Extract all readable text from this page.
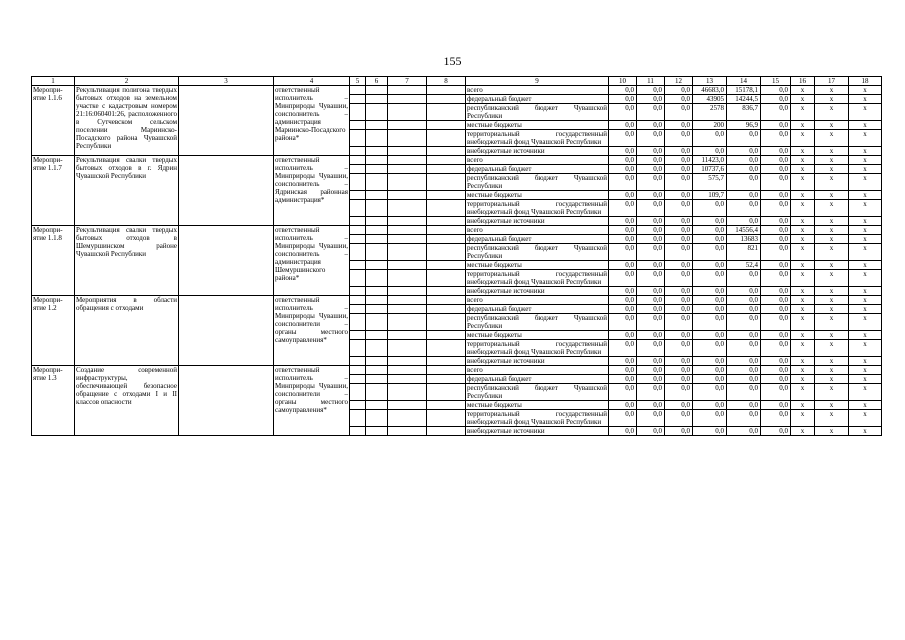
155
1	2	3	4	5	6	7	8	9	10	11	12	13	14	15	16	17	18
Меропри-ятие 1.1.6	Рекультивация полигона твердых бытовых отходов на земельном участке с кадастровым номером 21:16:060401:26, расположенного в Сутчевском сельском поселении Мариинско-Посадского района Чувашской Республики		ответственный исполнитель – Минприроды Чувашии, соисполнитель – администрация Мариинско-Посадского района*					всего	0,0	0,0	0,0	46683,0	15178,1	0,0	x	x	x
								федеральный бюджет	0,0	0,0	0,0	43905	14244,5	0,0	x	x	x
								республиканский бюджет Чувашской Республики	0,0	0,0	0,0	2578	836,7	0,0	x	x	x
								местные бюджеты	0,0	0,0	0,0	200	96,9	0,0	x	x	x
								территориальный государственный внебюджетный фонд Чувашской Республики	0,0	0,0	0,0	0,0	0,0	0,0	x	x	x
								внебюджетные источники	0,0	0,0	0,0	0,0	0,0	0,0	x	x	x
Меропри-ятие 1.1.7	Рекультивация свалки твердых бытовых отходов в г. Ядрин Чувашской Республики		ответственный исполнитель – Минприроды Чувашии, соисполнитель – Ядринская районная администрация*					всего	0,0	0,0	0,0	11423,0	0,0	0,0	x	x	x
								федеральный бюджет	0,0	0,0	0,0	10737,6	0,0	0,0	x	x	x
								республиканский бюджет Чувашской Республики	0,0	0,0	0,0	575,7	0,0	0,0	x	x	x
								местные бюджеты	0,0	0,0	0,0	109,7	0,0	0,0	x	x	x
								территориальный государственный внебюджетный фонд Чувашской Республики	0,0	0,0	0,0	0,0	0,0	0,0	x	x	x
								внебюджетные источники	0,0	0,0	0,0	0,0	0,0	0,0	x	x	x
Меропри-ятие 1.1.8	Рекультивация свалки твердых бытовых отходов в Шемуршинском районе Чувашской Республики		ответственный исполнитель – Минприроды Чувашии, соисполнитель – администрация Шемуршинского района*					всего	0,0	0,0	0,0	0,0	14556,4	0,0	x	x	x
								федеральный бюджет	0,0	0,0	0,0	0,0	13683	0,0	x	x	x
								республиканский бюджет Чувашской Республики	0,0	0,0	0,0	0,0	821	0,0	x	x	x
								местные бюджеты	0,0	0,0	0,0	0,0	52,4	0,0	x	x	x
								территориальный государственный внебюджетный фонд Чувашской Республики	0,0	0,0	0,0	0,0	0,0	0,0	x	x	x
								внебюджетные источники	0,0	0,0	0,0	0,0	0,0	0,0	x	x	x
Меропри-ятие 1.2	Мероприятия в области обращения с отходами		ответственный исполнитель – Минприроды Чувашии, соисполнители – органы местного самоуправления*					всего	0,0	0,0	0,0	0,0	0,0	0,0	x	x	x
								федеральный бюджет	0,0	0,0	0,0	0,0	0,0	0,0	x	x	x
								республиканский бюджет Чувашской Республики	0,0	0,0	0,0	0,0	0,0	0,0	x	x	x
								местные бюджеты	0,0	0,0	0,0	0,0	0,0	0,0	x	x	x
								территориальный государственный внебюджетный фонд Чувашской Республики	0,0	0,0	0,0	0,0	0,0	0,0	x	x	x
								внебюджетные источники	0,0	0,0	0,0	0,0	0,0	0,0	x	x	x
Меропри-ятие 1.3	Создание современной инфраструктуры, обеспечивающей безопасное обращение с отходами I и II классов опасности		ответственный исполнитель – Минприроды Чувашии, соисполнители – органы местного самоуправления*					всего	0,0	0,0	0,0	0,0	0,0	0,0	x	x	x
								федеральный бюджет	0,0	0,0	0,0	0,0	0,0	0,0	x	x	x
								республиканский бюджет Чувашской Республики	0,0	0,0	0,0	0,0	0,0	0,0	x	x	x
								местные бюджеты	0,0	0,0	0,0	0,0	0,0	0,0	x	x	x
								территориальный государственный внебюджетный фонд Чувашской Республики	0,0	0,0	0,0	0,0	0,0	0,0	x	x	x
								внебюджетные источники	0,0	0,0	0,0	0,0	0,0	0,0	x	x	x
